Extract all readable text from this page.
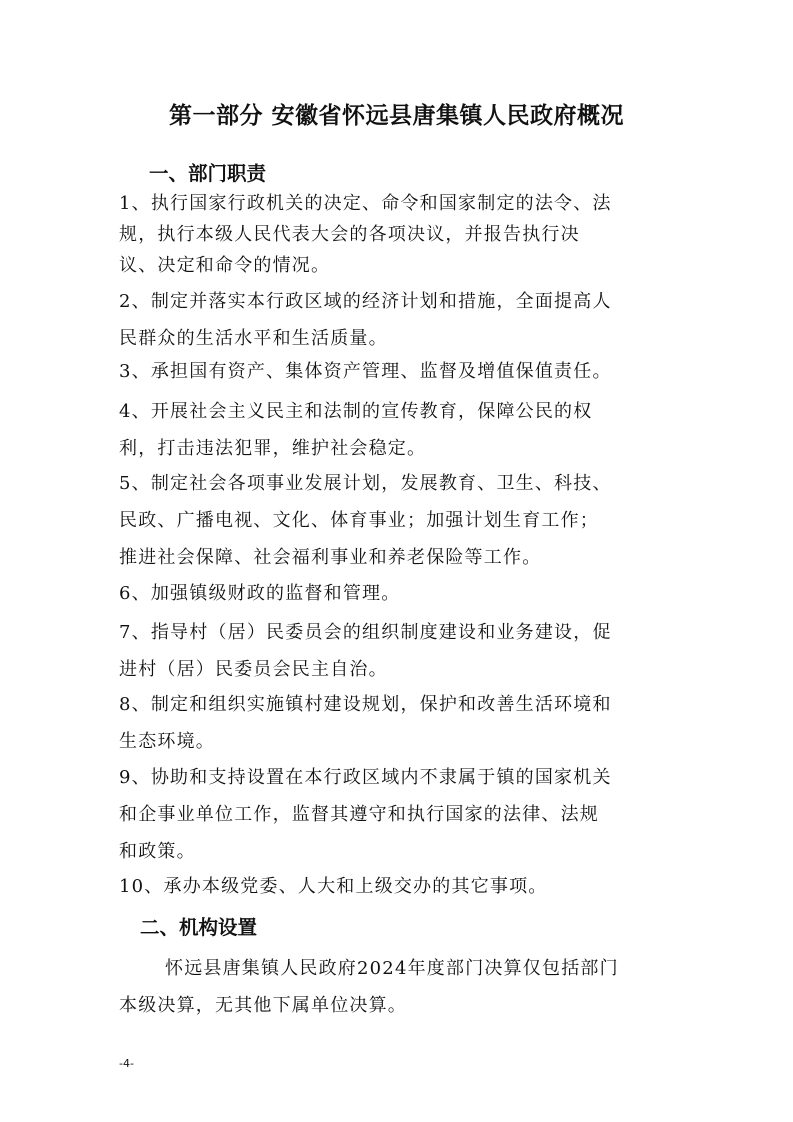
第一部分 安徽省怀远县唐集镇人民政府概况
一、部门职责

1、执行国家行政机关的决定、命令和国家制定的法令、法
规，执行本级人民代表大会的各项决议，并报告执行决
议、决定和命令的情况。

2、制定并落实本行政区域的经济计划和措施，全面提高人
民群众的生活水平和生活质量。

3、承担国有资产、集体资产管理、监督及增值保值责任。

4、开展社会主义民主和法制的宣传教育，保障公民的权
利，打击违法犯罪，维护社会稳定。

5、制定社会各项事业发展计划，发展教育、卫生、科技、
民政、广播电视、文化、体育事业；加强计划生育工作；
推进社会保障、社会福利事业和养老保险等工作。

6、加强镇级财政的监督和管理。

7、指导村（居）民委员会的组织制度建设和业务建设，促
进村（居）民委员会民主自治。

8、制定和组织实施镇村建设规划，保护和改善生活环境和
生态环境。

9、协助和支持设置在本行政区域内不隶属于镇的国家机关
和企事业单位工作，监督其遵守和执行国家的法律、法规
和政策。

10、承办本级党委、人大和上级交办的其它事项。

二、机构设置

怀远县唐集镇人民政府2024年度部门决算仅包括部门
本级决算，无其他下属单位决算。

-4-
